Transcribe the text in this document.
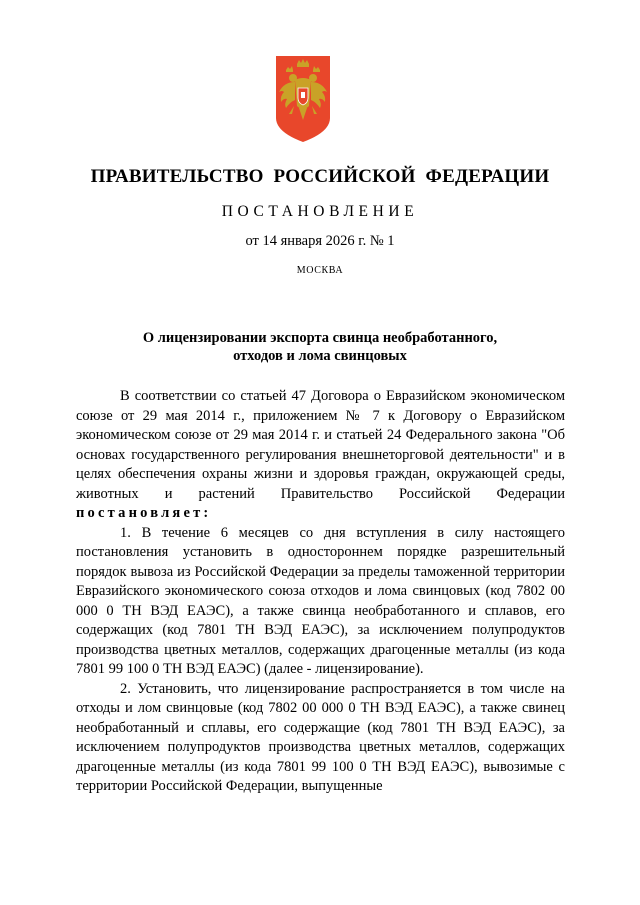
ПРАВИТЕЛЬСТВО РОССИЙСКОЙ ФЕДЕРАЦИИ
ПОСТАНОВЛЕНИЕ
от 14 января 2026 г. № 1
МОСКВА
О лицензировании экспорта свинца необработанного,
отходов и лома свинцовых

В соответствии со статьей 47 Договора о Евразийском экономическом союзе от 29 мая 2014 г., приложением № 7 к Договору о Евразийском экономическом союзе от 29 мая 2014 г. и статьей 24 Федерального закона "Об основах государственного регулирования внешнеторговой деятельности" и в целях обеспечения охраны жизни и здоровья граждан, окружающей среды, животных и растений Правительство Российской Федерации постановляет:

1. В течение 6 месяцев со дня вступления в силу настоящего постановления установить в одностороннем порядке разрешительный порядок вывоза из Российской Федерации за пределы таможенной территории Евразийского экономического союза отходов и лома свинцовых (код 7802 00 000 0 ТН ВЭД ЕАЭС), а также свинца необработанного и сплавов, его содержащих (код 7801 ТН ВЭД ЕАЭС), за исключением полупродуктов производства цветных металлов, содержащих драгоценные металлы (из кода 7801 99 100 0 ТН ВЭД ЕАЭС) (далее - лицензирование).

2. Установить, что лицензирование распространяется в том числе на отходы и лом свинцовые (код 7802 00 000 0 ТН ВЭД ЕАЭС), а также свинец необработанный и сплавы, его содержащие (код 7801 ТН ВЭД ЕАЭС), за исключением полупродуктов производства цветных металлов, содержащих драгоценные металлы (из кода 7801 99 100 0 ТН ВЭД ЕАЭС), вывозимые с территории Российской Федерации, выпущенные
